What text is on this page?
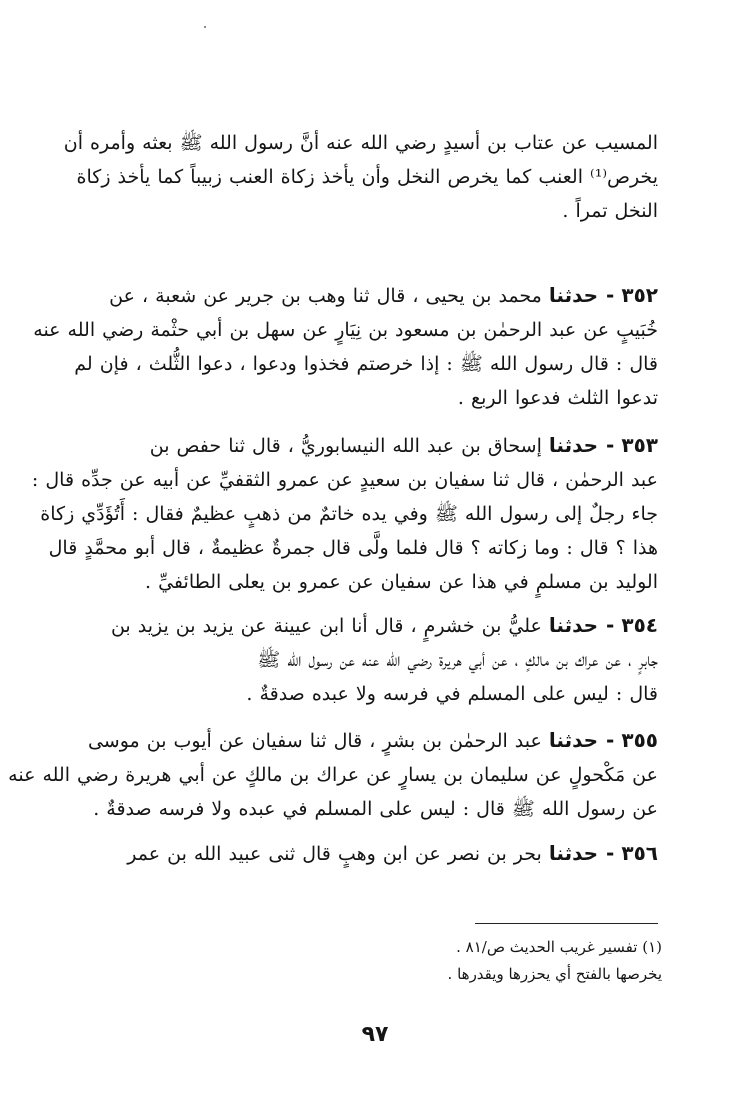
المسيب عن عتاب بن أسيدٍ رضي الله عنه أنَّ رسول الله ﷺ بعثه وأمره أن
يخرص⁽¹⁾ العنب كما يخرص النخل وأن يأخذ زكاة العنب زبيباً كما يأخذ زكاة
النخل تمراً .
٣٥٢ - حدثنا محمد بن يحيى ، قال ثنا وهب بن جرير عن شعبة ، عن
خُبَيبٍ عن عبد الرحمٰن بن مسعود بن نِيَارٍ عن سهل بن أبي حثْمة رضي الله عنه
قال : قال رسول الله ﷺ : إذا خرصتم فخذوا ودعوا ، دعوا الثُّلث ، فإن لم
تدعوا الثلث فدعوا الربع .
٣٥٣ - حدثنا إسحاق بن عبد الله النيسابوريُّ ، قال ثنا حفص بن
عبد الرحمٰن ، قال ثنا سفيان بن سعيدٍ عن عمرو الثقفيِّ عن أبيه عن جدِّه قال :
جاء رجلٌ إلى رسول الله ﷺ وفي يده خاتمٌ من ذهبٍ عظيمٌ فقال : أَتُؤَدِّي زكاة
هذا ؟ قال : وما زكاته ؟ قال فلما ولَّى قال جمرةٌ عظيمةٌ ، قال أبو محمَّدٍ قال
الوليد بن مسلمٍ في هذا عن سفيان عن عمرو بن يعلى الطائفيِّ .
٣٥٤ - حدثنا عليُّ بن خشرمٍ ، قال أنا ابن عيينة عن يزيد بن يزيد بن
جابرٍ ، عن عراك بن مالكٍ ، عن أبي هريرة رضي الله عنه عن رسول الله ﷺ
قال : ليس على المسلم في فرسه ولا عبده صدقةٌ .
٣٥٥ - حدثنا عبد الرحمٰن بن بشرٍ ، قال ثنا سفيان عن أيوب بن موسى
عن مَكْحولٍ عن سليمان بن يسارٍ عن عراك بن مالكٍ عن أبي هريرة رضي الله عنه
عن رسول الله ﷺ قال : ليس على المسلم في عبده ولا فرسه صدقةٌ .
٣٥٦ - حدثنا بحر بن نصر عن ابن وهبٍ قال ثنى عبيد الله بن عمر
(١) تفسير غريب الحديث ص/٨١ .
يخرصها بالفتح أي يحزرها ويقدرها .
٩٧
